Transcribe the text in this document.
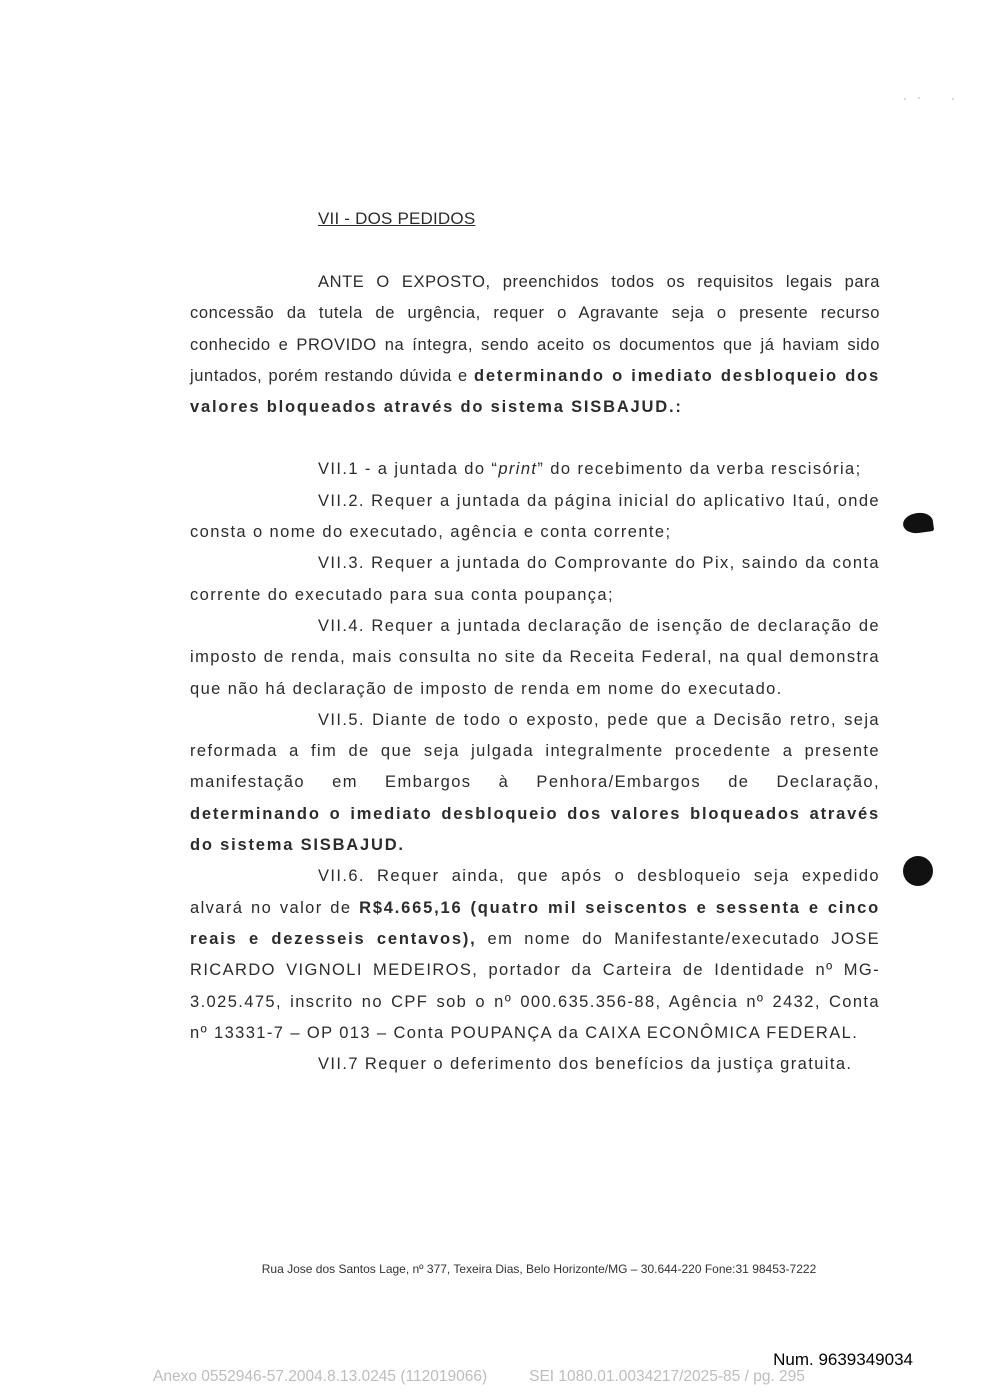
VII - DOS PEDIDOS

ANTE O EXPOSTO, preenchidos todos os requisitos legais para concessão da tutela de urgência, requer o Agravante seja o presente recurso conhecido e PROVIDO na íntegra, sendo aceito os documentos que já haviam sido juntados, porém restando dúvida e determinando o imediato desbloqueio dos valores bloqueados através do sistema SISBAJUD.:

VII.1 - a juntada do “print” do recebimento da verba rescisória;

VII.2. Requer a juntada da página inicial do aplicativo Itaú, onde consta o nome do executado, agência e conta corrente;

VII.3. Requer a juntada do Comprovante do Pix, saindo da conta corrente do executado para sua conta poupança;

VII.4. Requer a juntada declaração de isenção de declaração de imposto de renda, mais consulta no site da Receita Federal, na qual demonstra que não há declaração de imposto de renda em nome do executado.

VII.5. Diante de todo o exposto, pede que a Decisão retro, seja reformada a fim de que seja julgada integralmente procedente a presente manifestação em Embargos à Penhora/Embargos de Declaração, determinando o imediato desbloqueio dos valores bloqueados através do sistema SISBAJUD.

VII.6. Requer ainda, que após o desbloqueio seja expedido alvará no valor de R$4.665,16 (quatro mil seiscentos e sessenta e cinco reais e dezesseis centavos), em nome do Manifestante/executado JOSE RICARDO VIGNOLI MEDEIROS, portador da Carteira de Identidade nº MG-3.025.475, inscrito no CPF sob o nº 000.635.356-88, Agência nº 2432, Conta nº 13331-7 – OP 013 – Conta POUPANÇA da CAIXA ECONÔMICA FEDERAL.

VII.7 Requer o deferimento dos benefícios da justiça gratuita.

Rua Jose dos Santos Lage, nº 377, Texeira Dias, Belo Horizonte/MG – 30.644-220 Fone:31 98453-7222
Num. 9639349034
Anexo 0552946-57.2004.8.13.0245 (112019066)	SEI 1080.01.0034217/2025-85 / pg. 295
